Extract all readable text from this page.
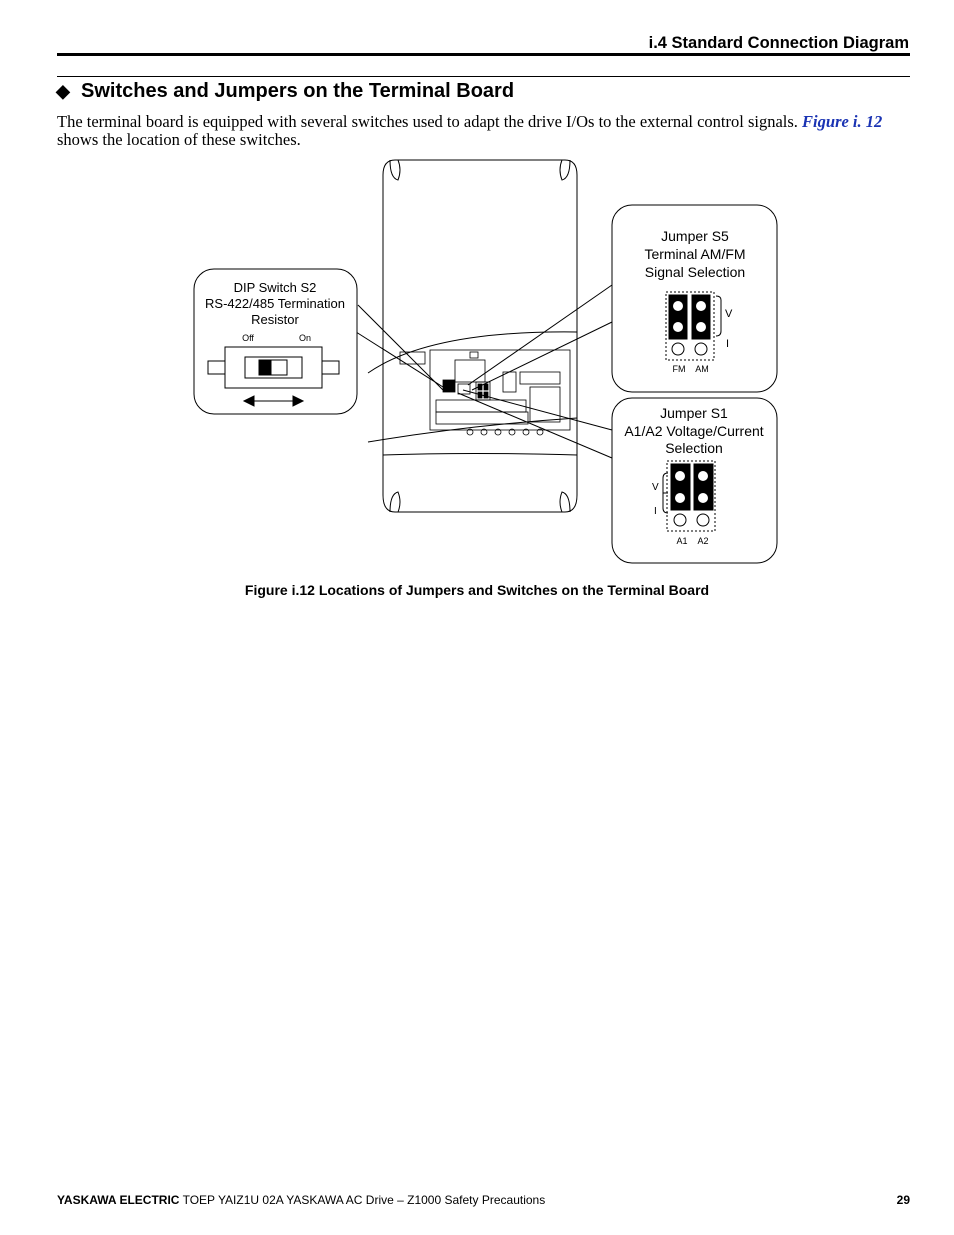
i.4 Standard Connection Diagram
◆ Switches and Jumpers on the Terminal Board
The terminal board is equipped with several switches used to adapt the drive I/Os to the external control signals. Figure i. 12 shows the location of these switches.
DIP Switch S2
RS-422/485 Termination
Resistor
Off	On
Jumper S5
Terminal AM/FM
Signal Selection
V
I
FM AM
Jumper S1
A1/A2 Voltage/Current
Selection
V
I
A1 A2
Figure i.12 Locations of Jumpers and Switches on the Terminal Board
YASKAWA ELECTRIC TOEP YAIZ1U 02A YASKAWA AC Drive – Z1000 Safety Precautions	29
